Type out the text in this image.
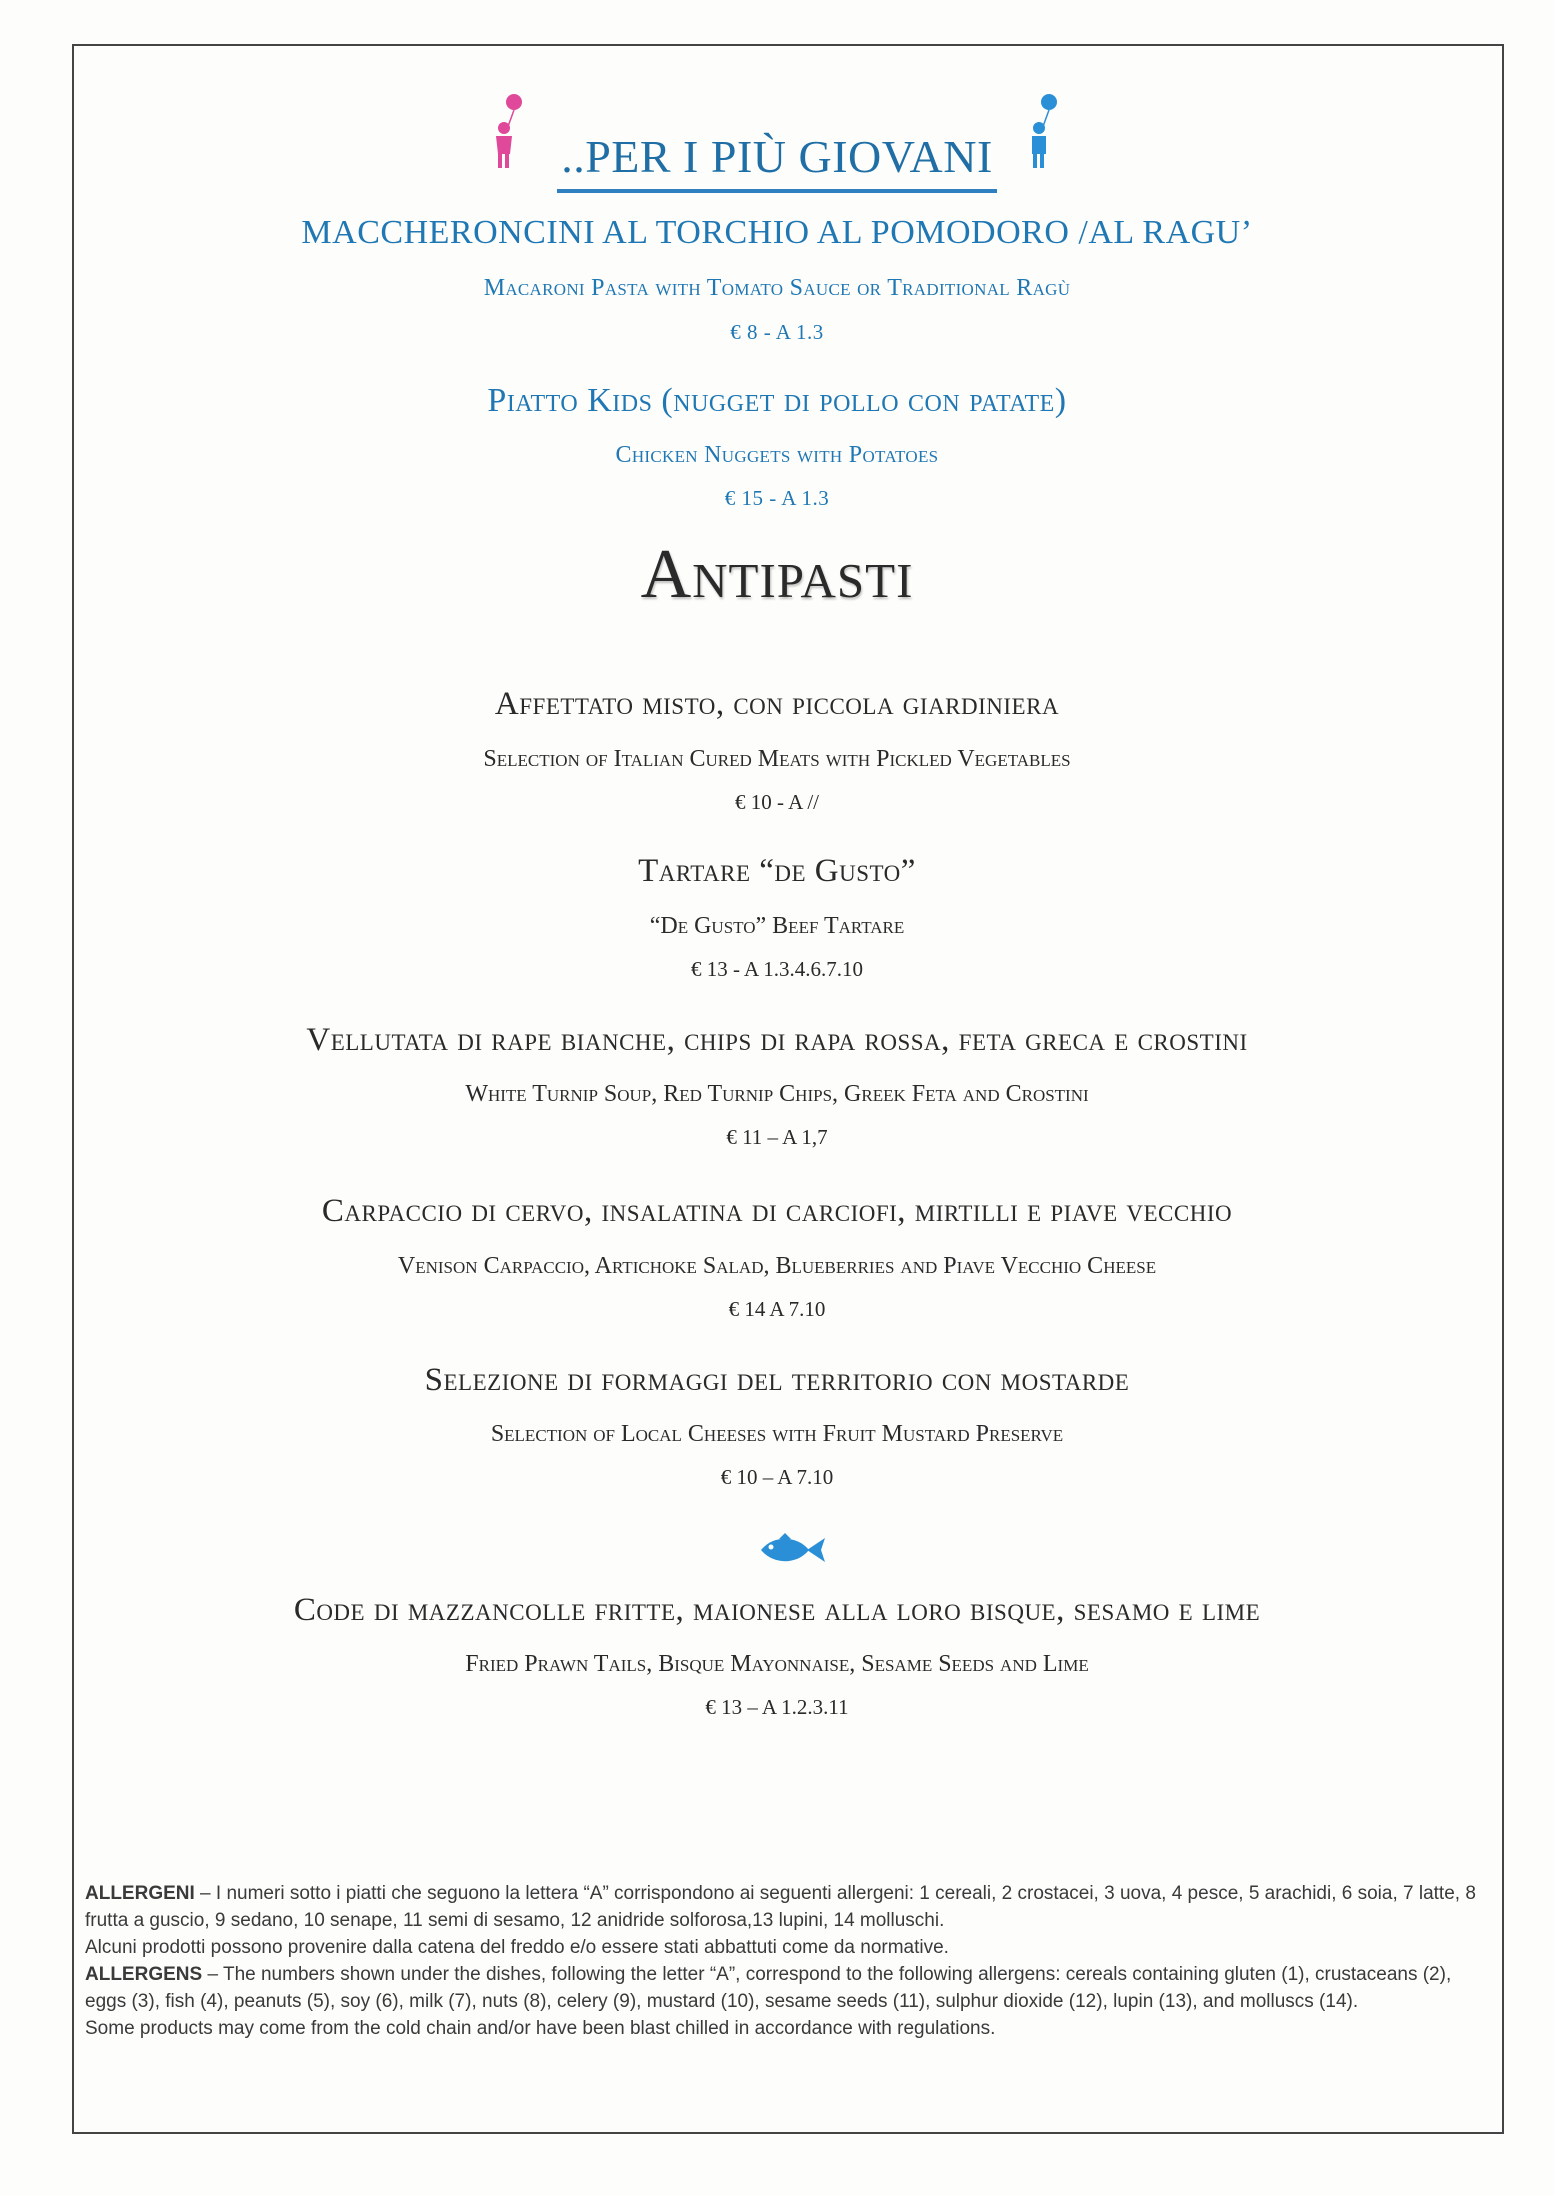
..PER I PIÙ GIOVANI
MACCHERONCINI AL TORCHIO AL POMODORO /AL RAGU’
Macaroni Pasta with Tomato Sauce or Traditional Ragù
€ 8 - A 1.3
Piatto Kids (nugget di pollo con patate)
Chicken Nuggets with Potatoes
€ 15 - A 1.3
Antipasti
Affettato misto, con piccola giardiniera
Selection of Italian Cured Meats with Pickled Vegetables
€ 10 - A //
Tartare “de Gusto”
“De Gusto” Beef Tartare
€ 13 - A 1.3.4.6.7.10
Vellutata di rape bianche, chips di rapa rossa, feta greca e crostini
White Turnip Soup, Red Turnip Chips, Greek Feta and Crostini
€ 11 – A 1,7
Carpaccio di cervo, insalatina di carciofi, mirtilli e piave vecchio
Venison Carpaccio, Artichoke Salad, Blueberries and Piave Vecchio Cheese
€ 14 A 7.10
Selezione di formaggi del territorio con mostarde
Selection of Local Cheeses with Fruit Mustard Preserve
€ 10 – A 7.10
Code di mazzancolle fritte, maionese alla loro bisque, sesamo e lime
Fried Prawn Tails, Bisque Mayonnaise, Sesame Seeds and Lime
€ 13 – A 1.2.3.11

ALLERGENI – I numeri sotto i piatti che seguono la lettera “A” corrispondono ai seguenti allergeni: 1 cereali, 2 crostacei, 3 uova, 4 pesce, 5 arachidi, 6 soia, 7 latte, 8 frutta a guscio, 9 sedano, 10 senape, 11 semi di sesamo, 12 anidride solforosa,13 lupini, 14 molluschi.

Alcuni prodotti possono provenire dalla catena del freddo e/o essere stati abbattuti come da normative.

ALLERGENS – The numbers shown under the dishes, following the letter “A”, correspond to the following allergens: cereals containing gluten (1), crustaceans (2), eggs (3), fish (4), peanuts (5), soy (6), milk (7), nuts (8), celery (9), mustard (10), sesame seeds (11), sulphur dioxide (12), lupin (13), and molluscs (14).

Some products may come from the cold chain and/or have been blast chilled in accordance with regulations.
